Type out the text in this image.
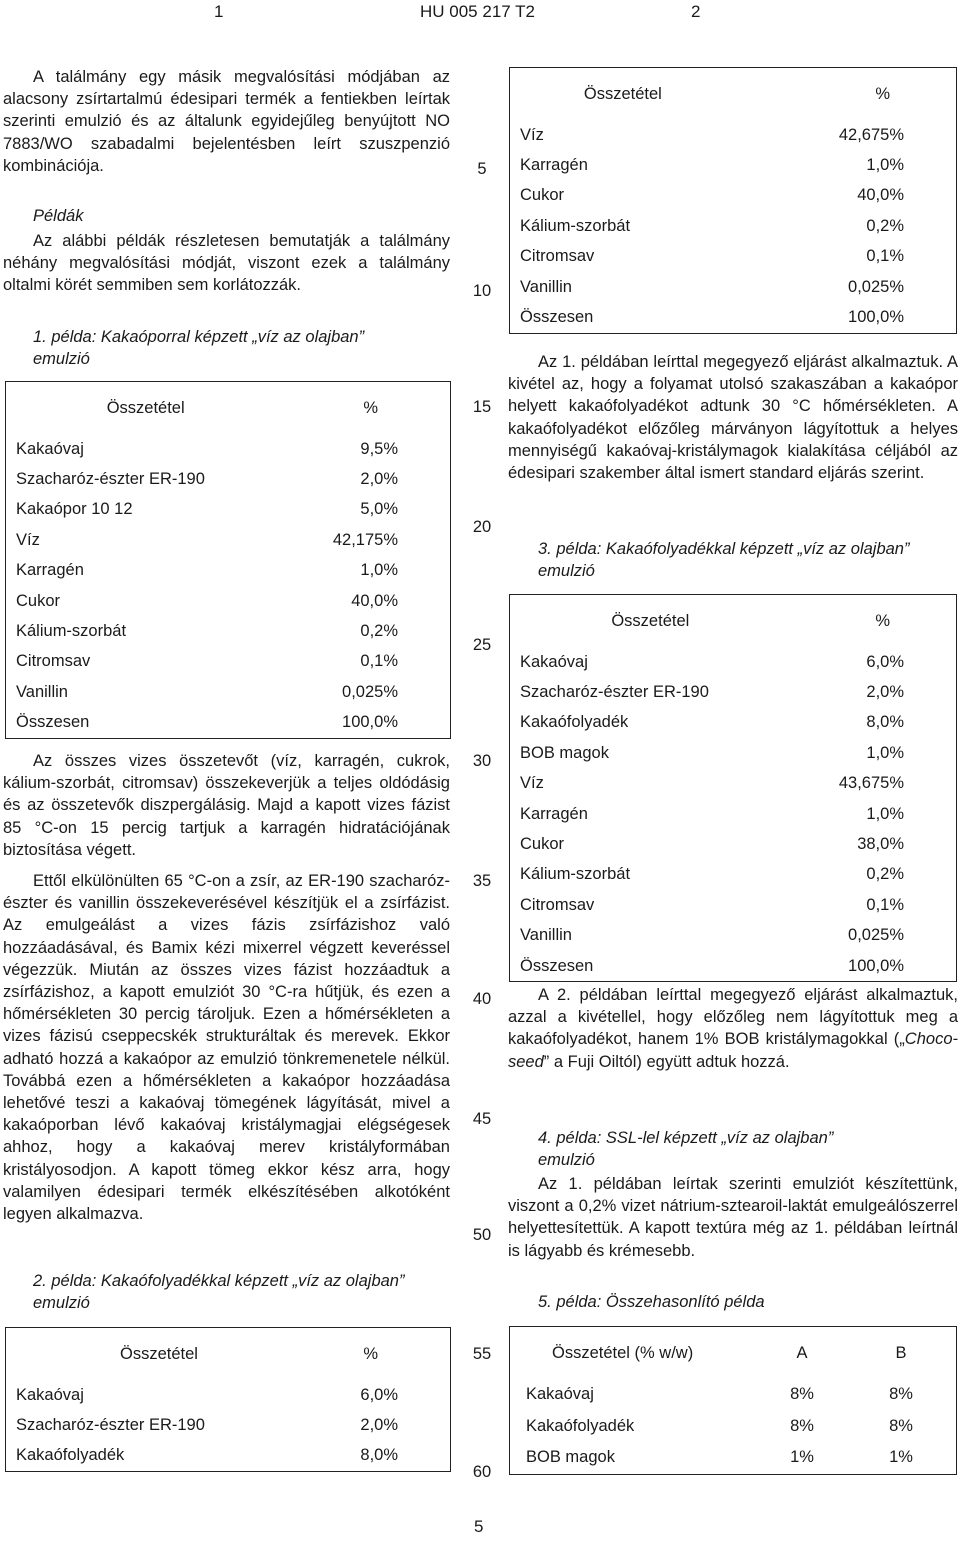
1	HU 005 217 T2	2

A találmány egy másik megvalósítási módjában az alacsony zsírtartalmú édesipari termék a fentiekben leírtak szerinti emulzió és az általunk egyidejűleg benyújtott NO 7883/WO szabadalmi bejelentésben leírt szuszpenzió kombinációja.

Példák

Az alábbi példák részletesen bemutatják a találmány néhány megvalósítási módját, viszont ezek a találmány oltalmi körét semmiben sem korlátozzák.

1. példa: Kakaóporral képzett „víz az olajban”
emulzió
Összetétel	%
Kakaóvaj	9,5%
Szacharóz-észter ER-190	2,0%
Kakaópor 10 12	5,0%
Víz	42,175%
Karragén	1,0%
Cukor	40,0%
Kálium-szorbát	0,2%
Citromsav	0,1%
Vanillin	0,025%
Összesen	100,0%

Az összes vizes összetevőt (víz, karragén, cukrok, kálium-szorbát, citromsav) összekeverjük a teljes oldódásig és az összetevők diszpergálásig. Majd a kapott vizes fázist 85 °C-on 15 percig tartjuk a karragén hidratációjának biztosítása végett.

Ettől elkülönülten 65 °C-on a zsír, az ER-190 szacharóz-észter és vanillin összekeverésével készítjük el a zsírfázist. Az emulgeálást a vizes fázis zsírfázishoz való hozzáadásával, és Bamix kézi mixerrel végzett keveréssel végezzük. Miután az összes vizes fázist hozzáadtuk a zsírfázishoz, a kapott emulziót 30 °C-ra hűtjük, és ezen a hőmérsékleten 30 percig tároljuk. Ezen a hőmérsékleten a vizes fázisú cseppecskék strukturáltak és merevek. Ekkor adható hozzá a kakaópor az emulzió tönkremenetele nélkül. Továbbá ezen a hőmérsékleten a kakaópor hozzáadása lehetővé teszi a kakaóvaj tömegének lágyítását, mivel a kakaóporban lévő kakaóvaj kristálymagjai elégségesek ahhoz, hogy a kakaóvaj merev kristályformában kristályosodjon. A kapott tömeg ekkor kész arra, hogy valamilyen édesipari termék elkészítésében alkotóként legyen alkalmazva.

2. példa: Kakaófolyadékkal képzett „víz az olajban”
emulzió
Összetétel	%
Kakaóvaj	6,0%
Szacharóz-észter ER-190	2,0%
Kakaófolyadék	8,0%
5
10
15
20
25
30
35
40
45
50
55
60
Összetétel	%
Víz	42,675%
Karragén	1,0%
Cukor	40,0%
Kálium-szorbát	0,2%
Citromsav	0,1%
Vanillin	0,025%
Összesen	100,0%

Az 1. példában leírttal megegyező eljárást alkalmaztuk. A kivétel az, hogy a folyamat utolsó szakaszában a kakaópor helyett kakaófolyadékot adtunk 30 °C hőmérsékleten. A kakaófolyadékot előzőleg márványon lágyítottuk a helyes mennyiségű kakaóvaj-kristálymagok kialakítása céljából az édesipari szakember által ismert standard eljárás szerint.

3. példa: Kakaófolyadékkal képzett „víz az olajban”
emulzió
Összetétel	%
Kakaóvaj	6,0%
Szacharóz-észter ER-190	2,0%
Kakaófolyadék	8,0%
BOB magok	1,0%
Víz	43,675%
Karragén	1,0%
Cukor	38,0%
Kálium-szorbát	0,2%
Citromsav	0,1%
Vanillin	0,025%
Összesen	100,0%

A 2. példában leírttal megegyező eljárást alkalmaztuk, azzal a kivétellel, hogy előzőleg nem lágyítottuk meg a kakaófolyadékot, hanem 1% BOB kristálymagokkal („Choco-seed” a Fuji Oiltól) együtt adtuk hozzá.

4. példa: SSL-lel képzett „víz az olajban”
emulzió

Az 1. példában leírtak szerinti emulziót készítettünk, viszont a 0,2% vizet nátrium-sztearoil-laktát emulgeálószerrel helyettesítettük. A kapott textúra még az 1. példában leírtnál is lágyabb és krémesebb.

5. példa: Összehasonlító példa
Összetétel (% w/w)	A	B
Kakaóvaj	8%	8%
Kakaófolyadék	8%	8%
BOB magok	1%	1%
5
